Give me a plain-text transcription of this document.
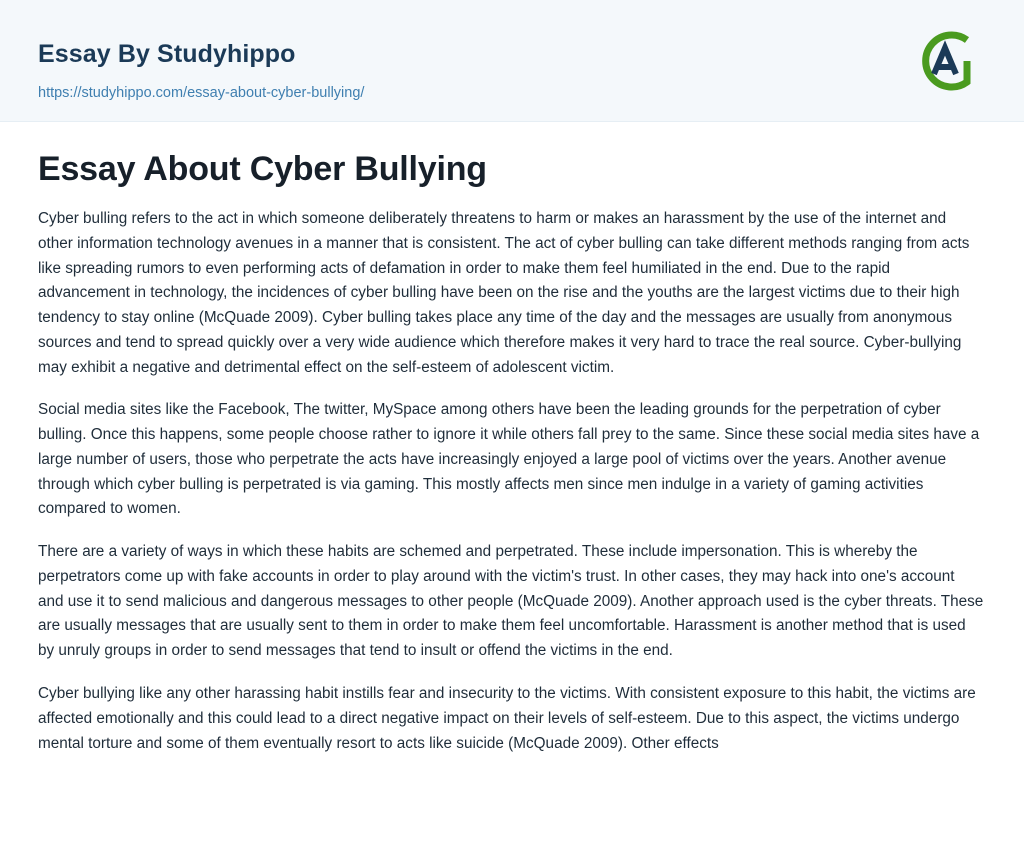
Essay By Studyhippo
https://studyhippo.com/essay-about-cyber-bullying/
Essay About Cyber Bullying

Cyber bulling refers to the act in which someone deliberately threatens to harm or makes an harassment by the use of the internet and other information technology avenues in a manner that is consistent. The act of cyber bulling can take different methods ranging from acts like spreading rumors to even performing acts of defamation in order to make them feel humiliated in the end. Due to the rapid advancement in technology, the incidences of cyber bulling have been on the rise and the youths are the largest victims due to their high tendency to stay online (McQuade 2009). Cyber bulling takes place any time of the day and the messages are usually from anonymous sources and tend to spread quickly over a very wide audience which therefore makes it very hard to trace the real source. Cyber-bullying may exhibit a negative and detrimental effect on the self-esteem of adolescent victim.

Social media sites like the Facebook, The twitter, MySpace among others have been the leading grounds for the perpetration of cyber bulling. Once this happens, some people choose rather to ignore it while others fall prey to the same. Since these social media sites have a large number of users, those who perpetrate the acts have increasingly enjoyed a large pool of victims over the years. Another avenue through which cyber bulling is perpetrated is via gaming. This mostly affects men since men indulge in a variety of gaming activities compared to women.

There are a variety of ways in which these habits are schemed and perpetrated. These include impersonation. This is whereby the perpetrators come up with fake accounts in order to play around with the victim's trust. In other cases, they may hack into one's account and use it to send malicious and dangerous messages to other people (McQuade 2009). Another approach used is the cyber threats. These are usually messages that are usually sent to them in order to make them feel uncomfortable. Harassment is another method that is used by unruly groups in order to send messages that tend to insult or offend the victims in the end.

Cyber bullying like any other harassing habit instills fear and insecurity to the victims. With consistent exposure to this habit, the victims are affected emotionally and this could lead to a direct negative impact on their levels of self-esteem. Due to this aspect, the victims undergo mental torture and some of them eventually resort to acts like suicide (McQuade 2009). Other effects
